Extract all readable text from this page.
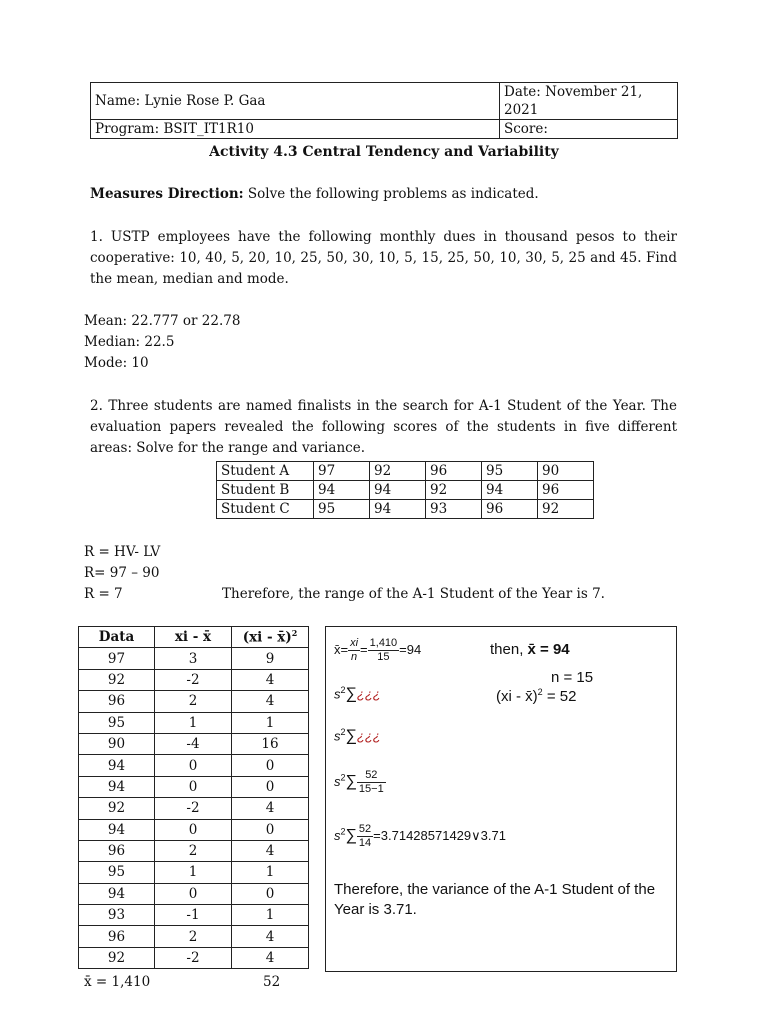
Name: Lynie Rose P. Gaa	Date: November 21, 2021
Program: BSIT_IT1R10	Score:
Activity 4.3 Central Tendency and Variability
Measures Direction: Solve the following problems as indicated.
1. USTP employees have the following monthly dues in thousand pesos to their cooperative: 10, 40, 5, 20, 10, 25, 50, 30, 10, 5, 15, 25, 50, 10, 30, 5, 25 and 45. Find the mean, median and mode.
Mean: 22.777 or 22.78
Median: 22.5
Mode: 10
2. Three students are named finalists in the search for A-1 Student of the Year. The evaluation papers revealed the following scores of the students in five different areas: Solve for the range and variance.
Student A	97	92	96	95	90
Student B	94	94	92	94	96
Student C	95	94	93	96	92
R = HV- LV
R= 97 – 90
R = 7	Therefore, the range of the A-1 Student of the Year is 7.
Data	xi - x̄	(xi - x̄)$^2$
97	3	9
92	-2	4
96	2	4
95	1	1
90	-4	16
94	0	0
94	0	0
92	-2	4
94	0	0
96	2	4
95	1	1
94	0	0
93	-1	1
96	2	4
92	-2	4
x̄ = 1,410	52
x̄= $\frac{xi}{n} = \frac{1,410}{15} =94$	then, x̄ = 94
n = 15
(xi - x̄)$^2$ = 52
$s^2\sum¿¿¿$
$s^2\sum¿¿¿$
$s^2\sum \frac{52}{15-1}$
$s^2\sum \frac{52}{14}$ =3.71428571429∨3.71
Therefore, the variance of the A-1 Student of the Year is 3.71.
